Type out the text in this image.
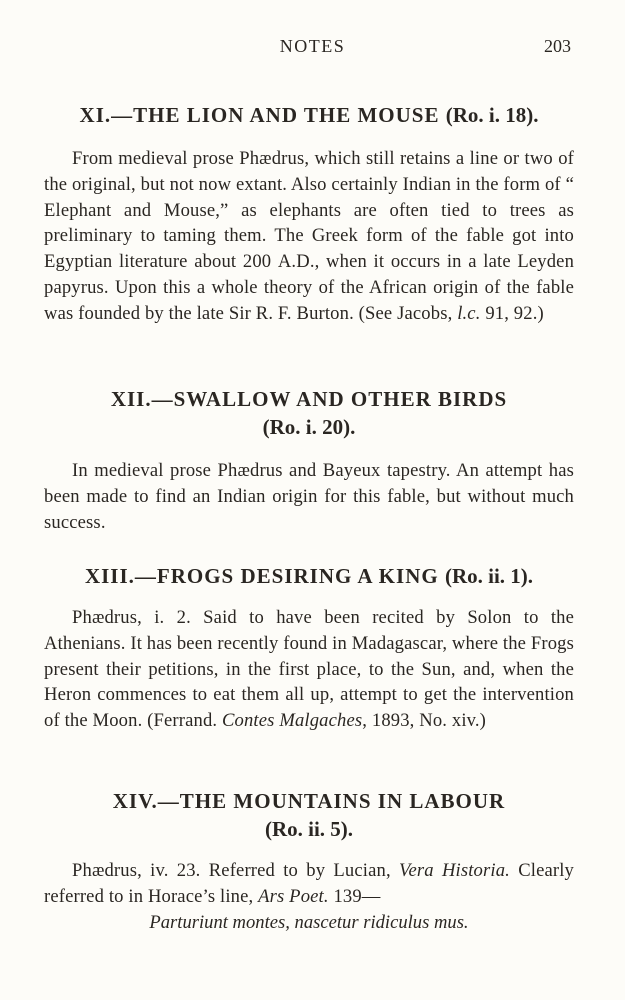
NOTES	203
XI.—THE LION AND THE MOUSE (Ro. i. 18).

From medieval prose Phædrus, which still retains a line or two of the original, but not now extant. Also certainly Indian in the form of “ Elephant and Mouse,” as elephants are often tied to trees as preliminary to taming them. The Greek form of the fable got into Egyptian literature about 200 A.D., when it occurs in a late Leyden papyrus. Upon this a whole theory of the African origin of the fable was founded by the late Sir R. F. Burton. (See Jacobs, l.c. 91, 92.)

XII.—SWALLOW AND OTHER BIRDS
(Ro. i. 20).

In medieval prose Phædrus and Bayeux tapestry. An attempt has been made to find an Indian origin for this fable, but without much success.

XIII.—FROGS DESIRING A KING (Ro. ii. 1).

Phædrus, i. 2. Said to have been recited by Solon to the Athenians. It has been recently found in Madagascar, where the Frogs present their petitions, in the first place, to the Sun, and, when the Heron commences to eat them all up, attempt to get the intervention of the Moon. (Ferrand. Contes Malgaches, 1893, No. xiv.)

XIV.—THE MOUNTAINS IN LABOUR
(Ro. ii. 5).

Phædrus, iv. 23. Referred to by Lucian, Vera Historia. Clearly referred to in Horace’s line, Ars Poet. 139—

Parturiunt montes, nascetur ridiculus mus.
